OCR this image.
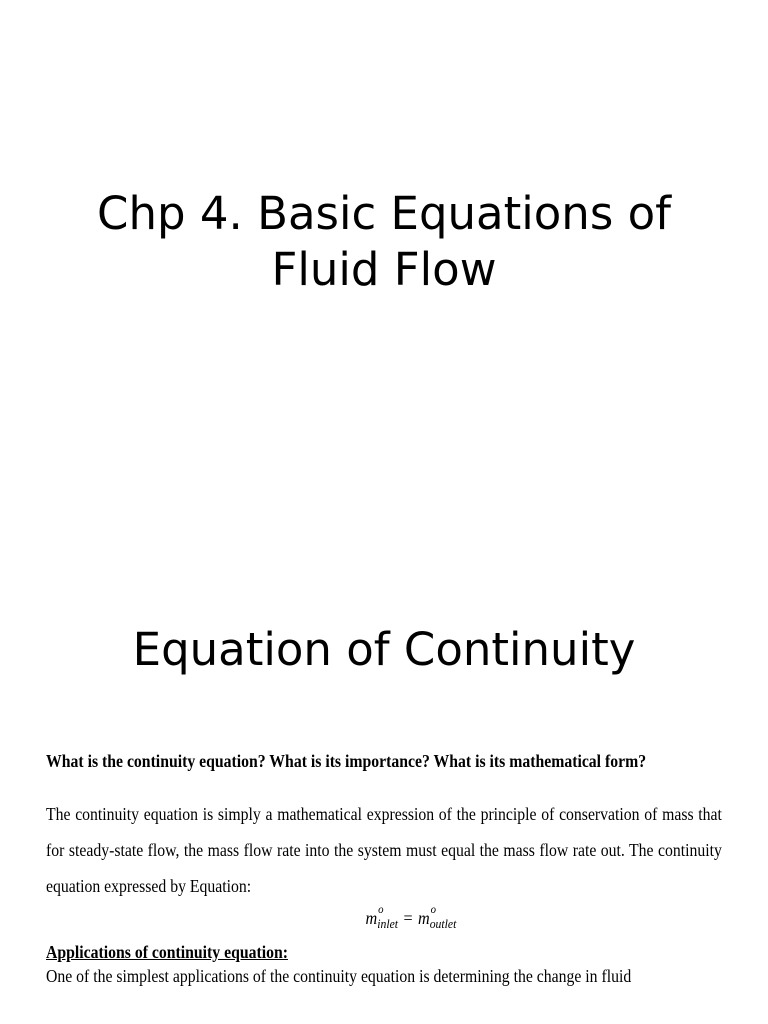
Chp 4. Basic Equations of
Fluid Flow
Equation of Continuity

What is the continuity equation? What is its importance? What is its mathematical form?

The continuity equation is simply a mathematical expression of the principle of conservation of mass that for steady-state flow, the mass flow rate into the system must equal the mass flow rate out. The continuity equation expressed by Equation:

m o
$_{inlet}$ = m o
$_{outlet}$

Applications of continuity equation:

One of the simplest applications of the continuity equation is determining the change in fluid
